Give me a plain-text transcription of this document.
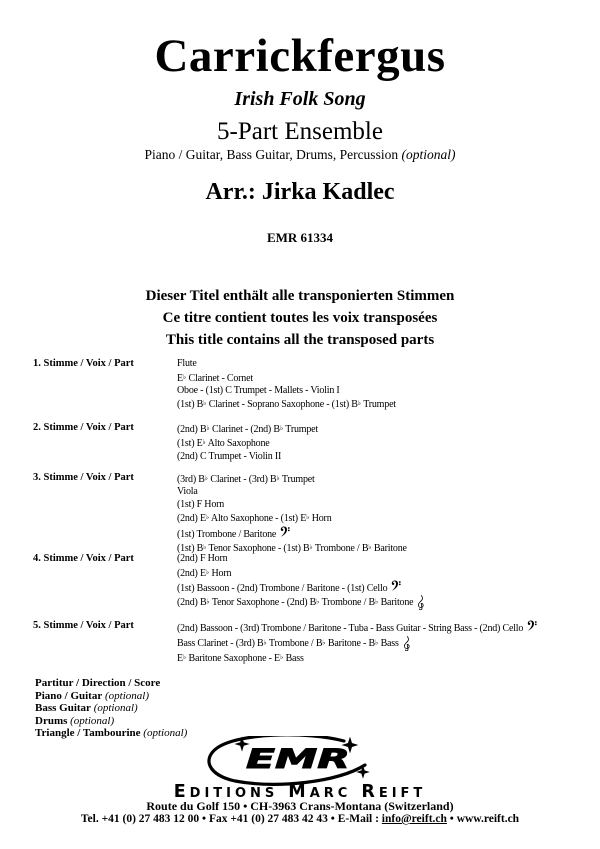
Carrickfergus
Irish Folk Song
5-Part Ensemble
Piano / Guitar, Bass Guitar, Drums, Percussion (optional)
Arr.: Jirka Kadlec
EMR 61334
Dieser Titel enthält alle transponierten Stimmen
Ce titre contient toutes les voix transposées
This title contains all the transposed parts
1. Stimme / Voix / Part	Flute
E♭ Clarinet - Cornet
Oboe - (1st) C Trumpet - Mallets - Violin I
(1st) B♭ Clarinet - Soprano Saxophone - (1st) B♭ Trumpet
2. Stimme / Voix / Part	(2nd) B♭ Clarinet - (2nd) B♭ Trumpet
(1st) E♭ Alto Saxophone
(2nd) C Trumpet - Violin II
3. Stimme / Voix / Part	(3rd) B♭ Clarinet - (3rd) B♭ Trumpet
Viola
(1st) F Horn
(2nd) E♭ Alto Saxophone - (1st) E♭ Horn
(1st) Trombone / Baritone
(1st) B♭ Tenor Saxophone - (1st) B♭ Trombone / B♭ Baritone
4. Stimme / Voix / Part	(2nd) F Horn
(2nd) E♭ Horn
(1st) Bassoon - (2nd) Trombone / Baritone - (1st) Cello
(2nd) B♭ Tenor Saxophone - (2nd) B♭ Trombone / B♭ Baritone
5. Stimme / Voix / Part	(2nd) Bassoon - (3rd) Trombone / Baritone - Tuba - Bass Guitar - String Bass - (2nd) Cello
Bass Clarinet - (3rd) B♭ Trombone / B♭ Baritone - B♭ Bass
E♭ Baritone Saxophone - E♭ Bass
Partitur / Direction / Score
Piano / Guitar (optional)
Bass Guitar (optional)
Drums (optional)
Triangle / Tambourine (optional)
EMR
EDITIONS MARC REIFT
Route du Golf 150 • CH-3963 Crans-Montana (Switzerland)
Tel. +41 (0) 27 483 12 00 • Fax +41 (0) 27 483 42 43 • E-Mail : info@reift.ch • www.reift.ch
